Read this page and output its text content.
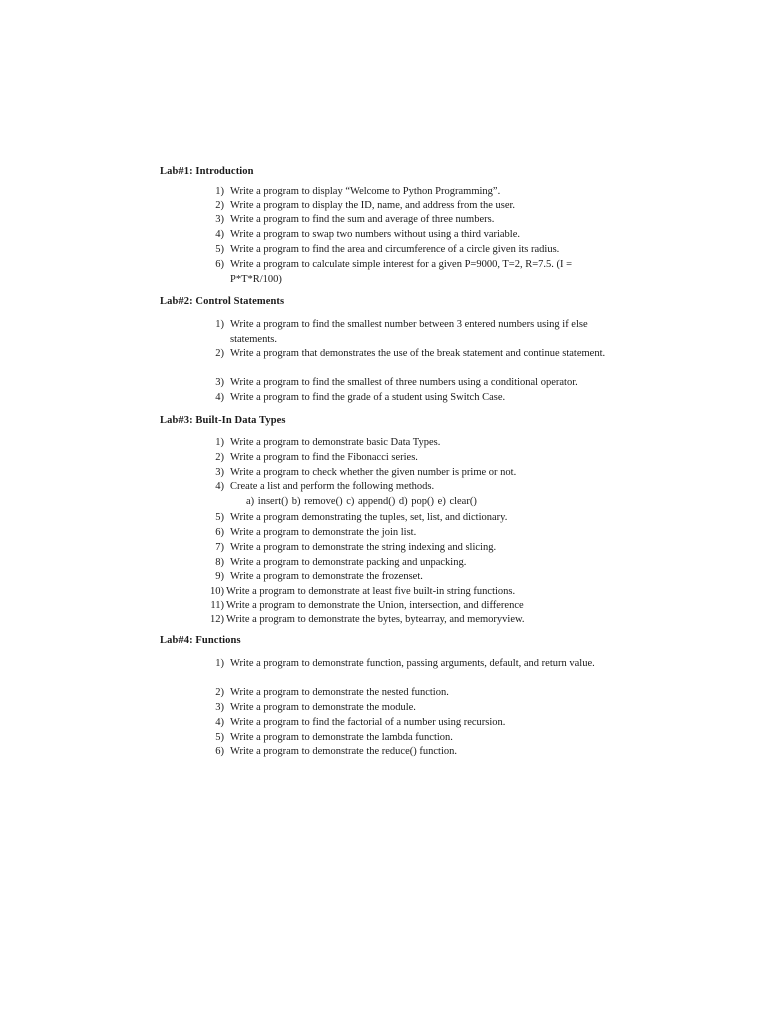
Lab#1: Introduction
1) Write a program to display “Welcome to Python Programming”.
2) Write a program to display the ID, name, and address from the user.
3) Write a program to find the sum and average of three numbers.
4) Write a program to swap two numbers without using a third variable.
5) Write a program to find the area and circumference of a circle given its radius.
6) Write a program to calculate simple interest for a given P=9000, T=2, R=7.5. (I = P*T*R/100)
Lab#2: Control Statements
1) Write a program to find the smallest number between 3 entered numbers using if else statements.
2) Write a program that demonstrates the use of the break statement and continue statement.
3) Write a program to find the smallest of three numbers using a conditional operator.
4) Write a program to find the grade of a student using Switch Case.
Lab#3: Built-In Data Types
1) Write a program to demonstrate basic Data Types.
2) Write a program to find the Fibonacci series.
3) Write a program to check whether the given number is prime or not.
4) Create a list and perform the following methods.
a) insert() b) remove() c) append() d) pop() e) clear()
5) Write a program demonstrating the tuples, set, list, and dictionary.
6) Write a program to demonstrate the join list.
7) Write a program to demonstrate the string indexing and slicing.
8) Write a program to demonstrate packing and unpacking.
9) Write a program to demonstrate the frozenset.
10) Write a program to demonstrate at least five built-in string functions.
11) Write a program to demonstrate the Union, intersection, and difference
12) Write a program to demonstrate the bytes, bytearray, and memoryview.
Lab#4: Functions
1) Write a program to demonstrate function, passing arguments, default, and return value.
2) Write a program to demonstrate the nested function.
3) Write a program to demonstrate the module.
4) Write a program to find the factorial of a number using recursion.
5) Write a program to demonstrate the lambda function.
6) Write a program to demonstrate the reduce() function.
